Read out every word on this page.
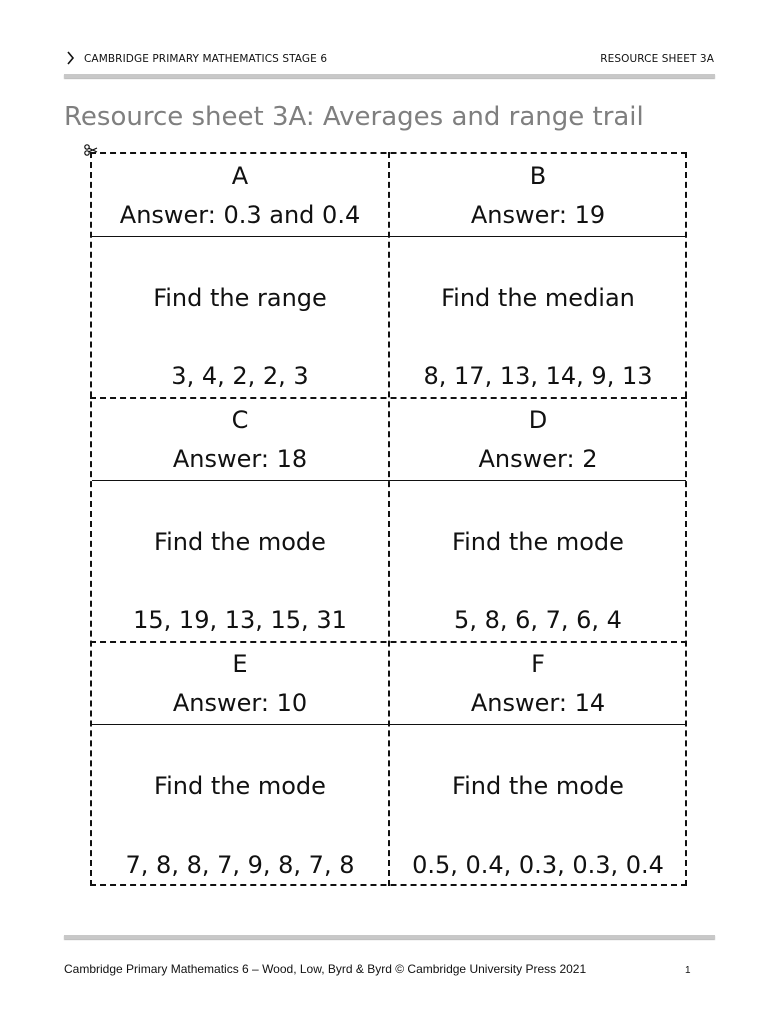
CAMBRIDGE PRIMARY MATHEMATICS STAGE 6	RESOURCE SHEET 3A
Resource sheet 3A: Averages and range trail
A
Answer: 0.3 and 0.4
Find the range
3, 4, 2, 2, 3
B
Answer: 19
Find the median
8, 17, 13, 14, 9, 13
C
Answer: 18
Find the mode
15, 19, 13, 15, 31
D
Answer: 2
Find the mode
5, 8, 6, 7, 6, 4
E
Answer: 10
Find the mode
7, 8, 8, 7, 9, 8, 7, 8
F
Answer: 14
Find the mode
0.5, 0.4, 0.3, 0.3, 0.4
Cambridge Primary Mathematics 6 – Wood, Low, Byrd & Byrd © Cambridge University Press 2021	1
